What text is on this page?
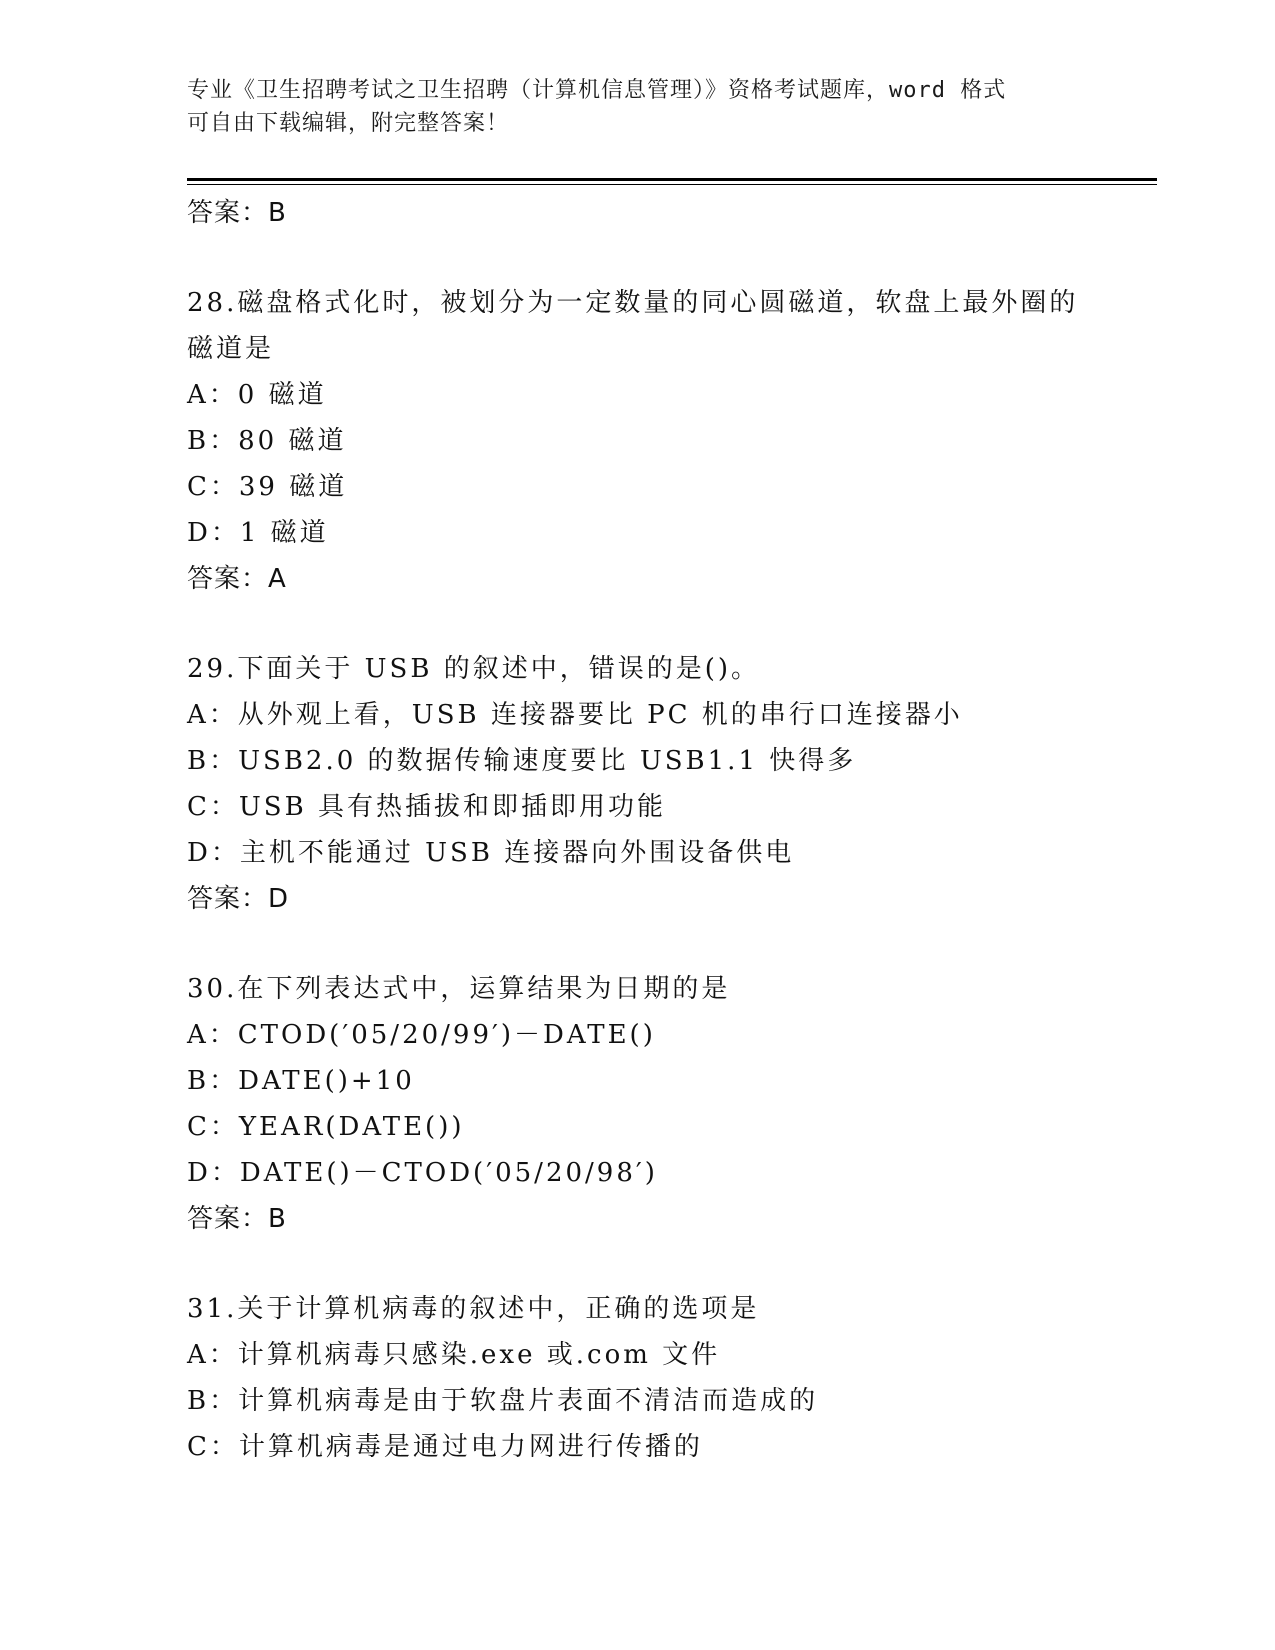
专业《卫生招聘考试之卫生招聘（计算机信息管理）》资格考试题库，word 格式
可自由下载编辑，附完整答案！
答案：B
28.磁盘格式化时，被划分为一定数量的同心圆磁道，软盘上最外圈的
磁道是
A：0 磁道
B：80 磁道
C：39 磁道
D：1 磁道
答案：A
29.下面关于 USB 的叙述中，错误的是()。
A：从外观上看，USB 连接器要比 PC 机的串行口连接器小
B：USB2.0 的数据传输速度要比 USB1.1 快得多
C：USB 具有热插拔和即插即用功能
D：主机不能通过 USB 连接器向外围设备供电
答案：D
30.在下列表达式中，运算结果为日期的是
A：CTOD(′05/20/99′)－DATE()
B：DATE()+10
C：YEAR(DATE())
D：DATE()－CTOD(′05/20/98′)
答案：B
31.关于计算机病毒的叙述中，正确的选项是
A：计算机病毒只感染.exe 或.com 文件
B：计算机病毒是由于软盘片表面不清洁而造成的
C：计算机病毒是通过电力网进行传播的
